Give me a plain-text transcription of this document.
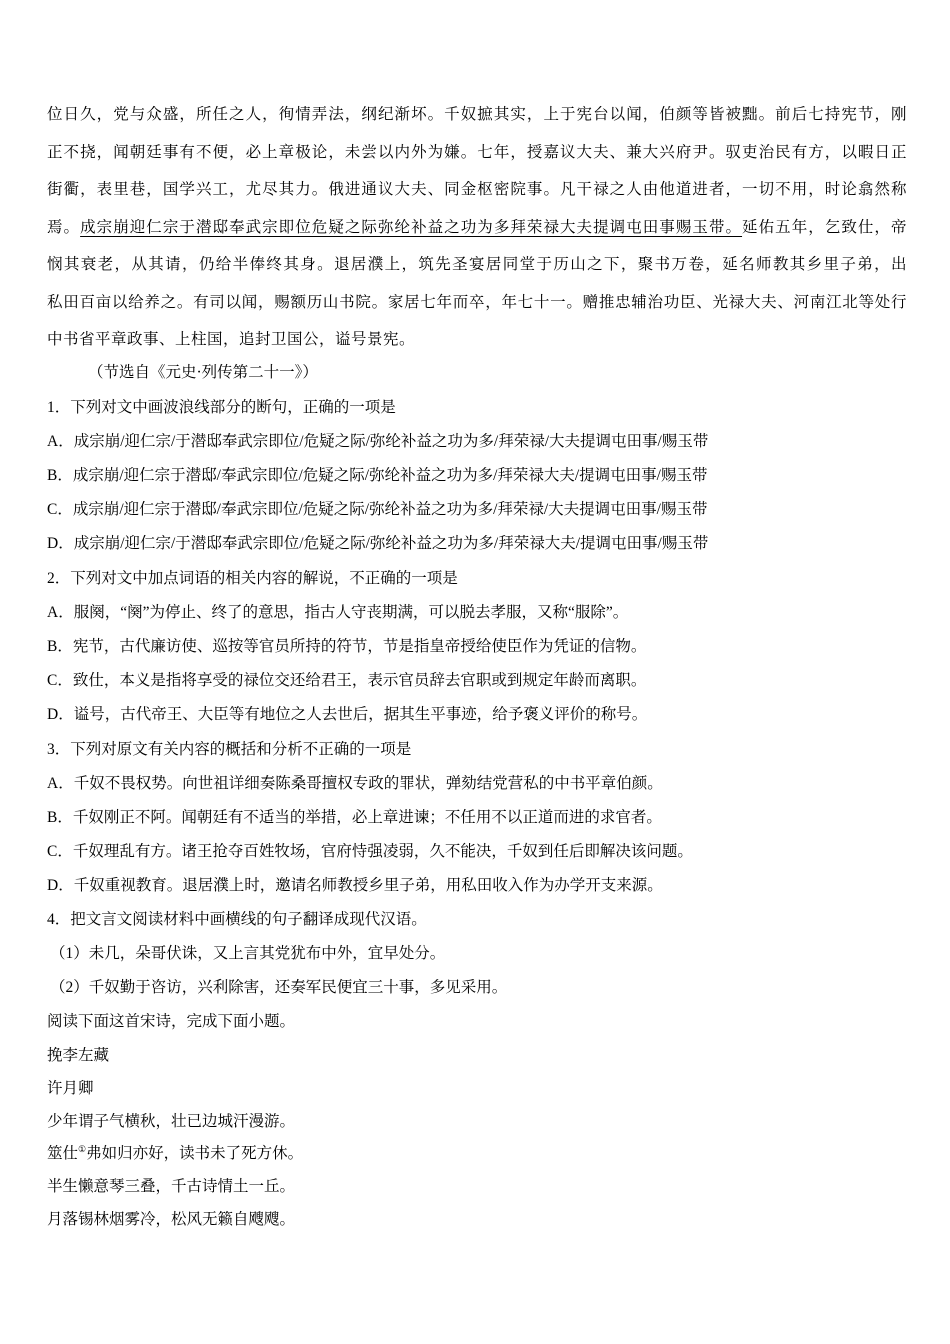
位日久，党与众盛，所任之人，徇情弄法，纲纪渐坏。千奴摭其实，上于宪台以闻，伯颜等皆被黜。前后七持宪节，刚
正不挠，闻朝廷事有不便，必上章极论，未尝以内外为嫌。七年，授嘉议大夫、兼大兴府尹。驭吏治民有方，以暇日正
街衢，表里巷，国学兴工，尤尽其力。俄进通议大夫、同金枢密院事。凡干禄之人由他道进者，一切不用，时论翕然称
焉。成宗崩迎仁宗于潜邸奉武宗即位危疑之际弥纶补益之功为多拜荣禄大夫提调屯田事赐玉带。延佑五年，乞致仕，帝
悯其衰老，从其请，仍给半俸终其身。退居濮上，筑先圣宴居同堂于历山之下，聚书万卷，延名师教其乡里子弟，出
私田百亩以给养之。有司以闻，赐额历山书院。家居七年而卒，年七十一。赠推忠辅治功臣、光禄大夫、河南江北等处行
中书省平章政事、上柱国，追封卫国公，谥号景宪。
（节选自《元史·列传第二十一》）
1．下列对文中画波浪线部分的断句，正确的一项是
A．成宗崩/迎仁宗/于潜邸奉武宗即位/危疑之际/弥纶补益之功为多/拜荣禄/大夫提调屯田事/赐玉带
B．成宗崩/迎仁宗于潜邸/奉武宗即位/危疑之际/弥纶补益之功为多/拜荣禄大夫/提调屯田事/赐玉带
C．成宗崩/迎仁宗于潜邸/奉武宗即位/危疑之际/弥纶补益之功为多/拜荣禄/大夫提调屯田事/赐玉带
D．成宗崩/迎仁宗/于潜邸奉武宗即位/危疑之际/弥纶补益之功为多/拜荣禄大夫/提调屯田事/赐玉带
2．下列对文中加点词语的相关内容的解说，不正确的一项是
A．服阕，“阕”为停止、终了的意思，指古人守丧期满，可以脱去孝服，又称“服除”。
B．宪节，古代廉访使、巡按等官员所持的符节，节是指皇帝授给使臣作为凭证的信物。
C．致仕，本义是指将享受的禄位交还给君王，表示官员辞去官职或到规定年龄而离职。
D．谥号，古代帝王、大臣等有地位之人去世后，据其生平事迹，给予褒义评价的称号。
3．下列对原文有关内容的概括和分析不正确的一项是
A．千奴不畏权势。向世祖详细奏陈桑哥擅权专政的罪状，弹劾结党营私的中书平章伯颜。
B．千奴刚正不阿。闻朝廷有不适当的举措，必上章进谏；不任用不以正道而进的求官者。
C．千奴理乱有方。诸王抢夺百姓牧场，官府恃强凌弱，久不能决，千奴到任后即解决该问题。
D．千奴重视教育。退居濮上时，邀请名师教授乡里子弟，用私田收入作为办学开支来源。
4．把文言文阅读材料中画横线的句子翻译成现代汉语。
（1）未几，朵哥伏诛，又上言其党犹布中外，宜早处分。
（2）千奴勤于咨访，兴利除害，还奏军民便宜三十事，多见采用。
阅读下面这首宋诗，完成下面小题。
挽李左藏
许月卿
少年谓子气横秋，壮已边城汗漫游。
筮仕①弗如归亦好，读书未了死方休。
半生懒意琴三叠，千古诗情土一丘。
月落锡林烟雾冷，松风无籁自飕飕。
